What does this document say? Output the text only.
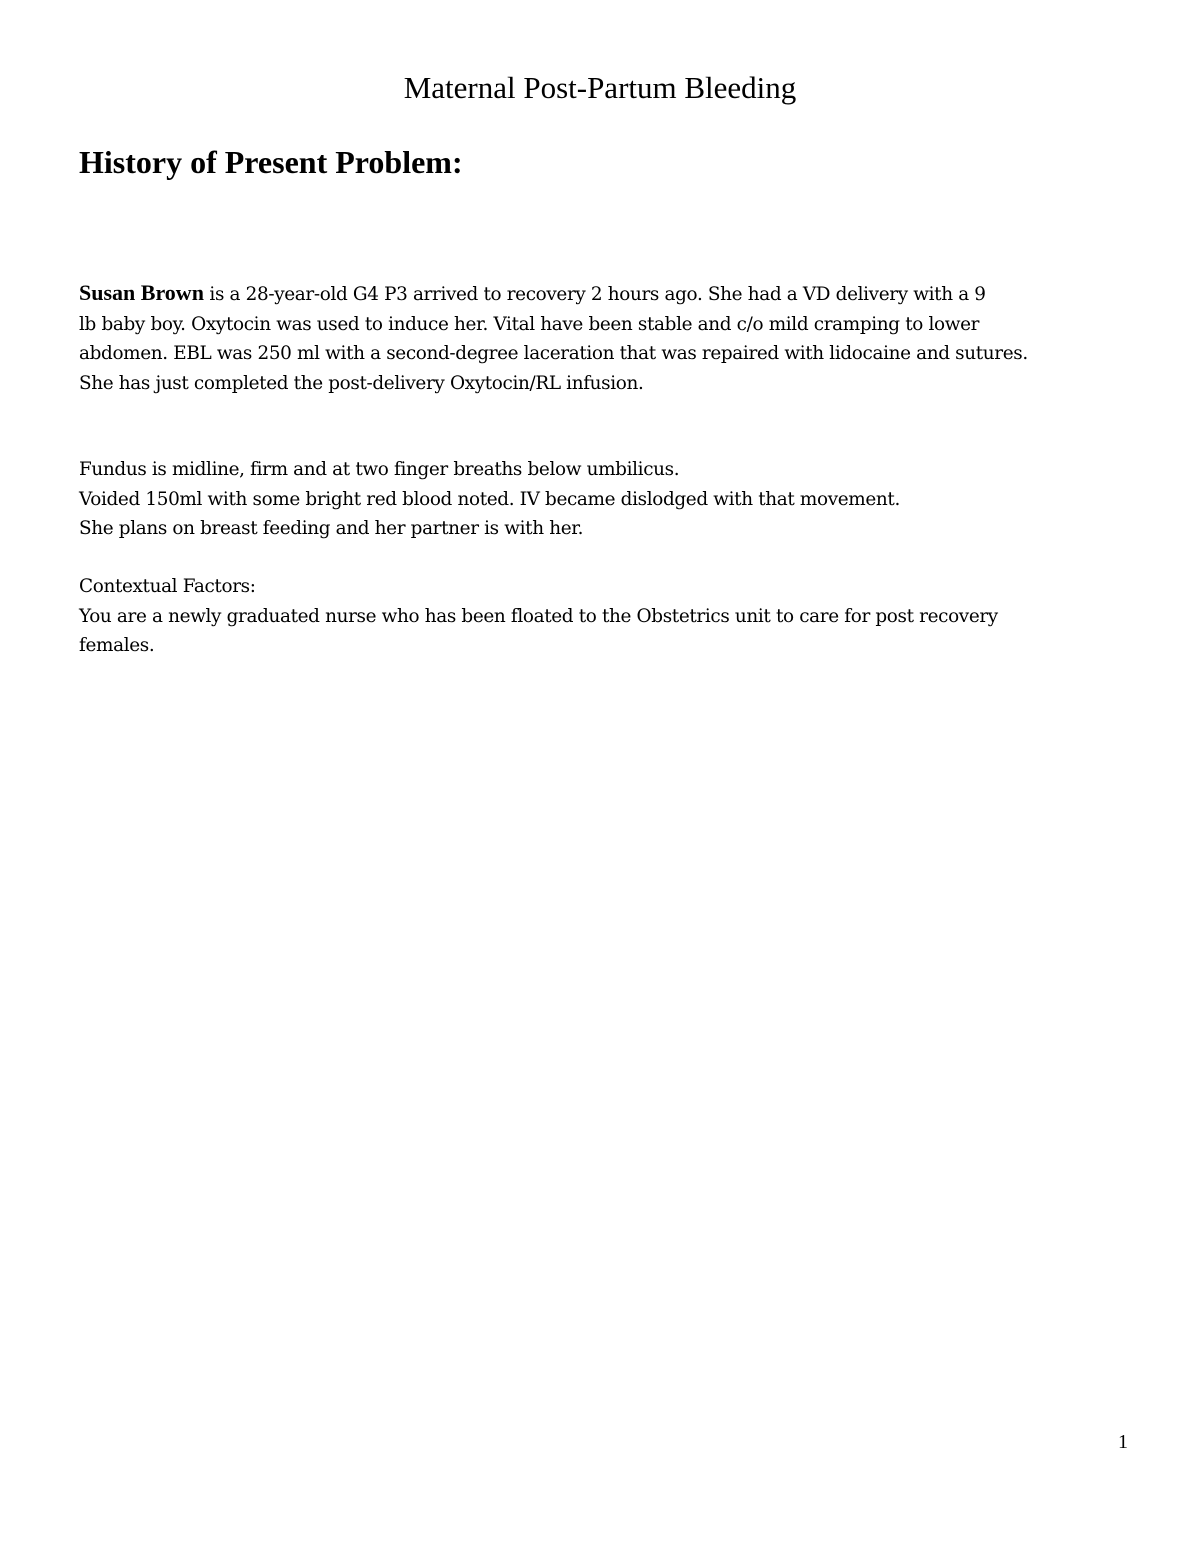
Maternal Post-Partum Bleeding
History of Present Problem:
Susan Brown is a 28-year-old G4 P3 arrived to recovery 2 hours ago. She had a VD delivery with a 9
lb baby boy. Oxytocin was used to induce her. Vital have been stable and c/o mild cramping to lower
abdomen. EBL was 250 ml with a second-degree laceration that was repaired with lidocaine and sutures.
She has just completed the post-delivery Oxytocin/RL infusion.
Fundus is midline, firm and at two finger breaths below umbilicus.
Voided 150ml with some bright red blood noted. IV became dislodged with that movement.
She plans on breast feeding and her partner is with her.
Contextual Factors:
You are a newly graduated nurse who has been floated to the Obstetrics unit to care for post recovery
females.
1
